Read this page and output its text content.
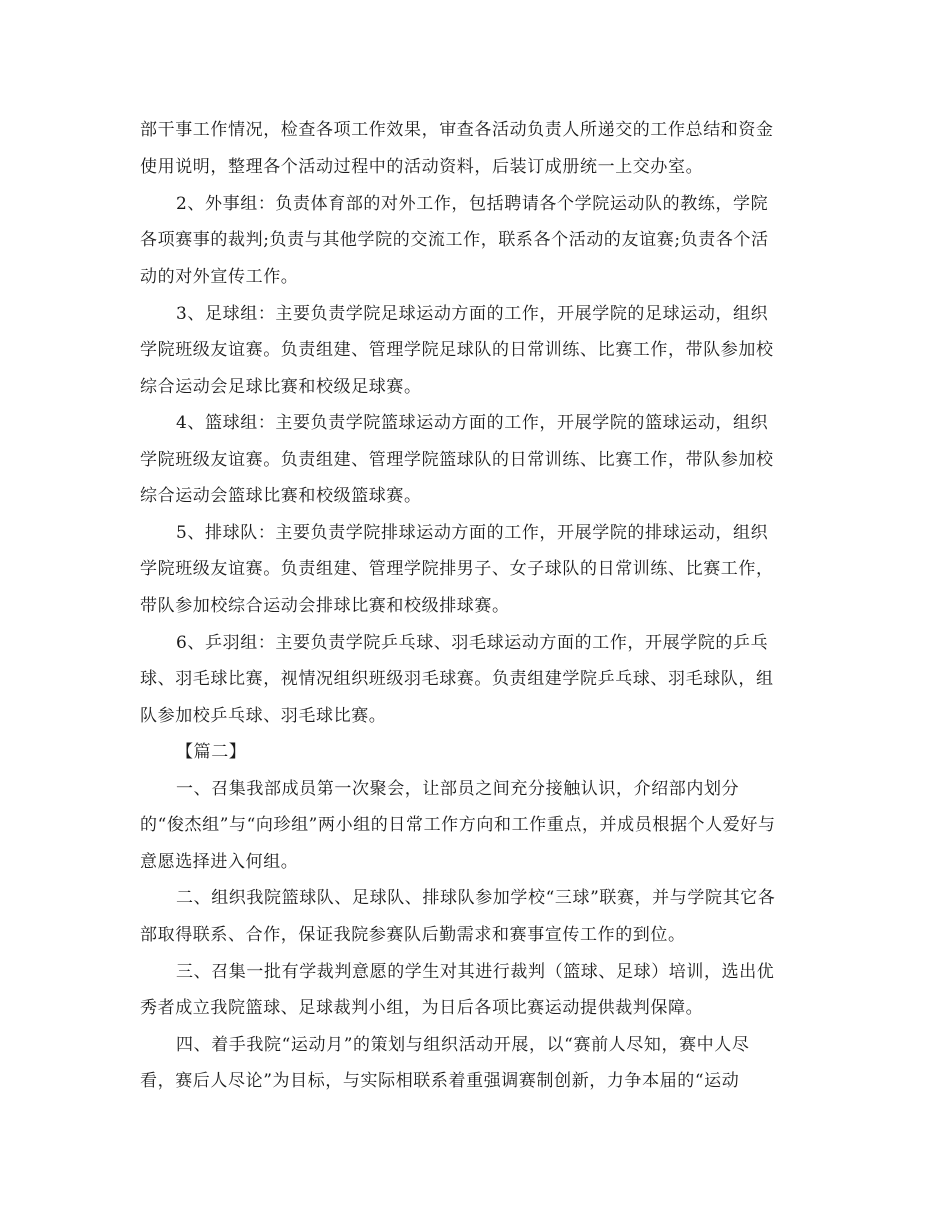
部干事工作情况，检查各项工作效果，审查各活动负责人所递交的工作总结和资金

使用说明，整理各个活动过程中的活动资料，后装订成册统一上交办室。

2、外事组：负责体育部的对外工作，包括聘请各个学院运动队的教练，学院

各项赛事的裁判;负责与其他学院的交流工作，联系各个活动的友谊赛;负责各个活

动的对外宣传工作。

3、足球组：主要负责学院足球运动方面的工作，开展学院的足球运动，组织

学院班级友谊赛。负责组建、管理学院足球队的日常训练、比赛工作，带队参加校

综合运动会足球比赛和校级足球赛。

4、篮球组：主要负责学院篮球运动方面的工作，开展学院的篮球运动，组织

学院班级友谊赛。负责组建、管理学院篮球队的日常训练、比赛工作，带队参加校

综合运动会篮球比赛和校级篮球赛。

5、排球队：主要负责学院排球运动方面的工作，开展学院的排球运动，组织

学院班级友谊赛。负责组建、管理学院排男子、女子球队的日常训练、比赛工作，

带队参加校综合运动会排球比赛和校级排球赛。

6、乒羽组：主要负责学院乒乓球、羽毛球运动方面的工作，开展学院的乒乓

球、羽毛球比赛，视情况组织班级羽毛球赛。负责组建学院乒乓球、羽毛球队，组

队参加校乒乓球、羽毛球比赛。

【篇二】

一、召集我部成员第一次聚会，让部员之间充分接触认识，介绍部内划分

的“俊杰组”与“向珍组”两小组的日常工作方向和工作重点，并成员根据个人爱好与

意愿选择进入何组。

二、组织我院篮球队、足球队、排球队参加学校“三球”联赛，并与学院其它各

部取得联系、合作，保证我院参赛队后勤需求和赛事宣传工作的到位。

三、召集一批有学裁判意愿的学生对其进行裁判（篮球、足球）培训，选出优

秀者成立我院篮球、足球裁判小组，为日后各项比赛运动提供裁判保障。

四、着手我院“运动月”的策划与组织活动开展，以“赛前人尽知，赛中人尽

看，赛后人尽论”为目标，与实际相联系着重强调赛制创新，力争本届的“运动
